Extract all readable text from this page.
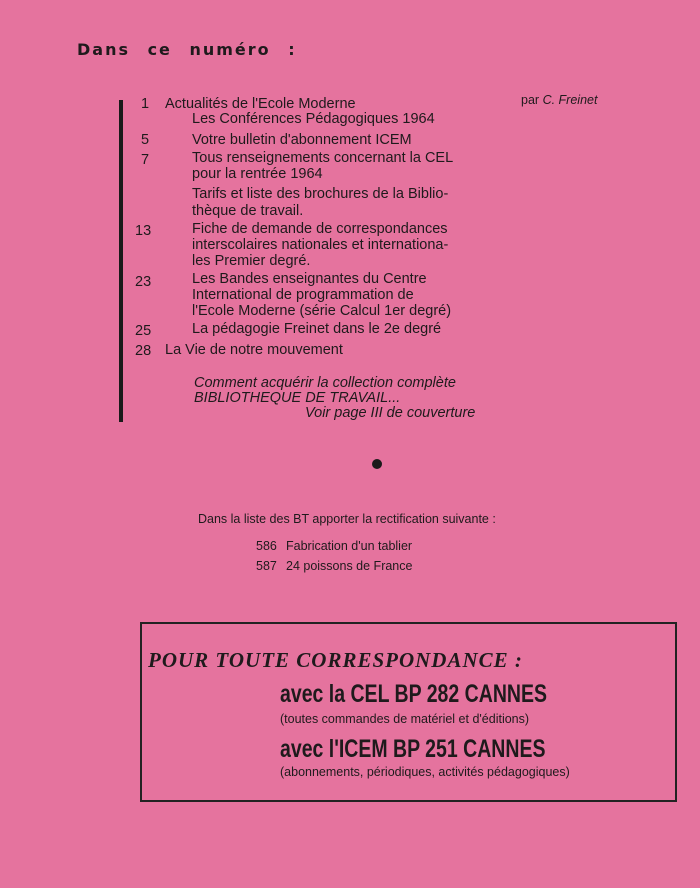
Dans ce numéro :
par C. Freinet
1 Actualités de l'Ecole Moderne
Les Conférences Pédagogiques 1964
5	Votre bulletin d'abonnement ICEM
7	Tous renseignements concernant la CEL
pour la rentrée 1964
Tarifs et liste des brochures de la Biblio-
thèque de travail.
13	Fiche de demande de correspondances
interscolaires nationales et internationa-
les Premier degré.
23	Les Bandes enseignantes du Centre
International de programmation de
l'Ecole Moderne (série Calcul 1er degré)
25	La pédagogie Freinet dans le 2e degré
28 La Vie de notre mouvement
Comment acquérir la collection complète
BIBLIOTHEQUE DE TRAVAIL...
Voir page III de couverture
Dans la liste des BT apporter la rectification suivante :
586 Fabrication d'un tablier
587 24 poissons de France
POUR TOUTE CORRESPONDANCE :
avec la CEL BP 282 CANNES
(toutes commandes de matériel et d'éditions)
avec l'ICEM BP 251 CANNES
(abonnements, périodiques, activités pédagogiques)
